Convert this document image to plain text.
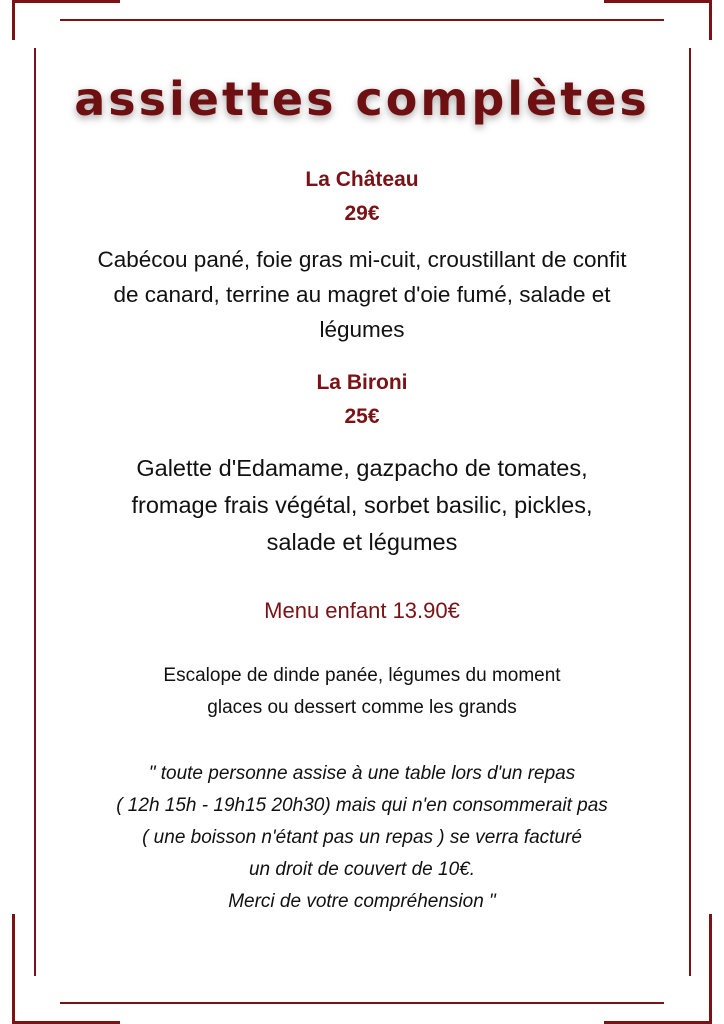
assiettes complètes
La Château
29€
Cabécou pané, foie gras mi-cuit, croustillant de confit
de canard, terrine au magret d'oie fumé, salade et
légumes
La Bironi
25€
Galette d'Edamame, gazpacho de tomates,
fromage frais végétal, sorbet basilic, pickles,
salade et légumes
Menu enfant 13.90€
Escalope de dinde panée, légumes du moment
glaces ou dessert comme les grands
" toute personne assise à une table lors d'un repas
( 12h 15h - 19h15 20h30) mais qui n'en consommerait pas
( une boisson n'étant pas un repas ) se verra facturé
un droit de couvert de 10€.
Merci de votre compréhension "
